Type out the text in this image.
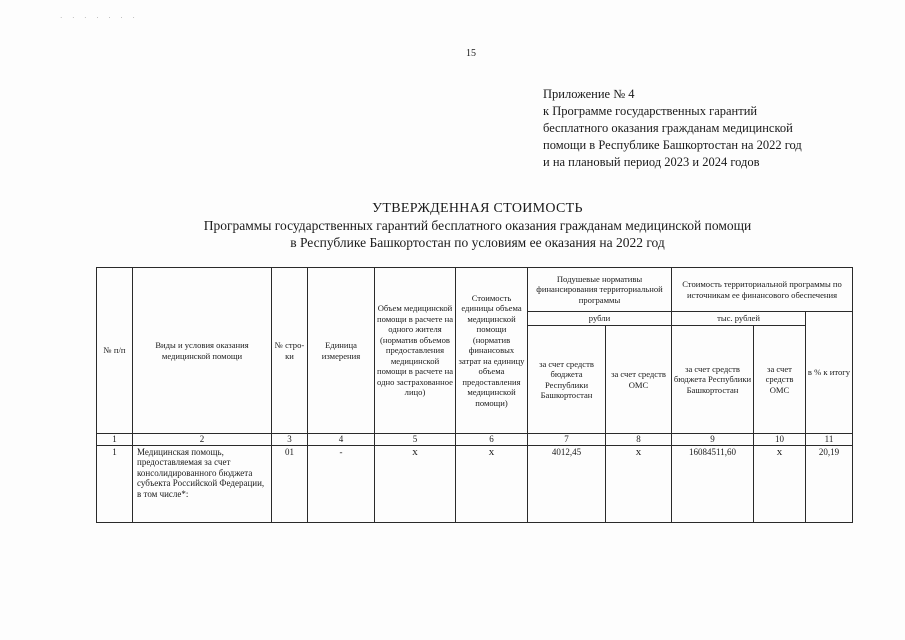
· · · · · · ·
15
Приложение № 4
к Программе государственных гарантий
бесплатного оказания гражданам медицинской
помощи в Республике Башкортостан на 2022 год
и на плановый период 2023 и 2024 годов
УТВЕРЖДЕННАЯ СТОИМОСТЬ
Программы государственных гарантий бесплатного оказания гражданам медицинской помощи
в Республике Башкортостан по условиям ее оказания на 2022 год
№ п/п	Виды и условия оказания медицинской помощи	№ стро-ки	Единица измерения	Объем медицинской помощи в расчете на одного жителя (норматив объемов предоставления медицинской помощи в расчете на одно застрахованное лицо)	Стоимость единицы объема медицинской помощи (норматив финансовых затрат на единицу объема предоставления медицинской помощи)	Подушевые нормативы финансирования территориальной программы		Стоимость территориальной программы по источникам ее финансового обеспечения		
						рубли		тыс. рублей		в % к итогу
						за счет средств бюджета Республики Башкортостан	за счет средств ОМС	за счет средств бюджета Республики Башкортостан	за счет средств ОМС	
1	2	3	4	5	6	7	8	9	10	11
1	Медицинская помощь, предоставляемая за счет консолидированного бюджета субъекта Российской Федерации, в том числе*:	01	-	х	х	4012,45	х	16084511,60	х	20,19
